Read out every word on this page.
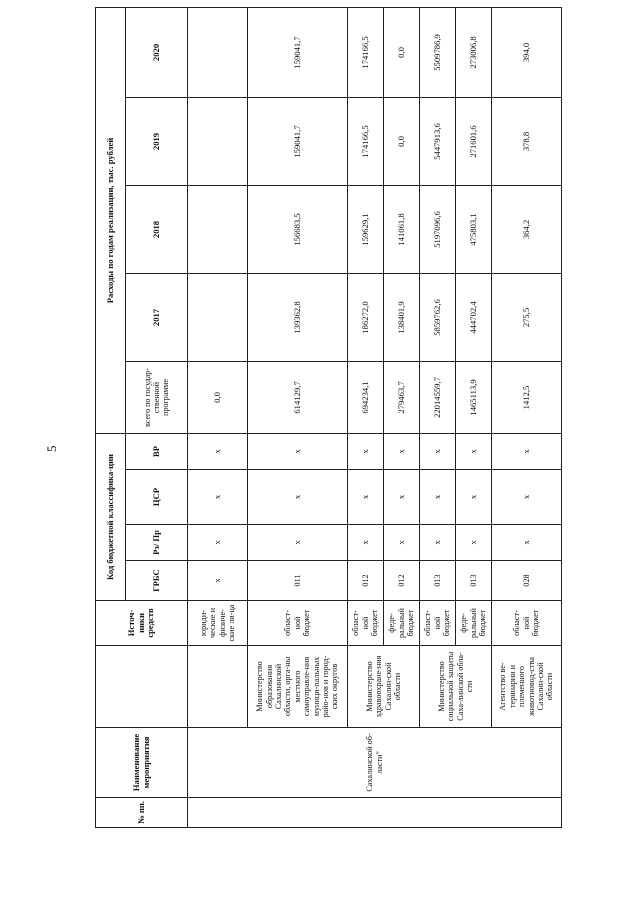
5
№ пп.	Наименование мероприятия		Источ-ники средств	Код бюджетной классифика-ции				Расходы по годам реализации, тыс. рублей				
				ГРБС	Рз/ Пр	ЦСР	ВР	всего по государ-ственной программе	2017	2018	2019	2020
	Сахалинской об-ласти"		юриди-ческие и физиче-ские ли-ца	x	x	x	x	0,0				
		Министерство образования Сахалинской области, орга-ны местного самоуправле-ния муници-пальных райо-нов и город-ских округов	област-ной бюджет	011	x	x	x	614129,7	139362,8	156683,5	159041,7	159041,7
		Министерство здравоохране-ния Сахалин-ской области	област-ной бюджет	012	x	x	x	694234,1	186272,0	159629,1	174166,5	174166,5
			феде-ральный бюджет	012	x	x	x	279463,7	138401,9	141061,8	0,0	0,0
		Министерство социальной защиты Саха-линской обла-сти	област-ной бюджет	013	x	x	x	22014559,7	5859762,6	5197096,6	5447913,6	5509786,9
			феде-ральный бюджет	013	x	x	x	1465113,9	444702,4	475803,1	271601,6	273006,8
		Агентство ве-теринарии и племенного животновод-ства Сахалин-ской области	област-ной бюджет	028	x	x	x	1412,5	275,5	364,2	378,8	394,0
